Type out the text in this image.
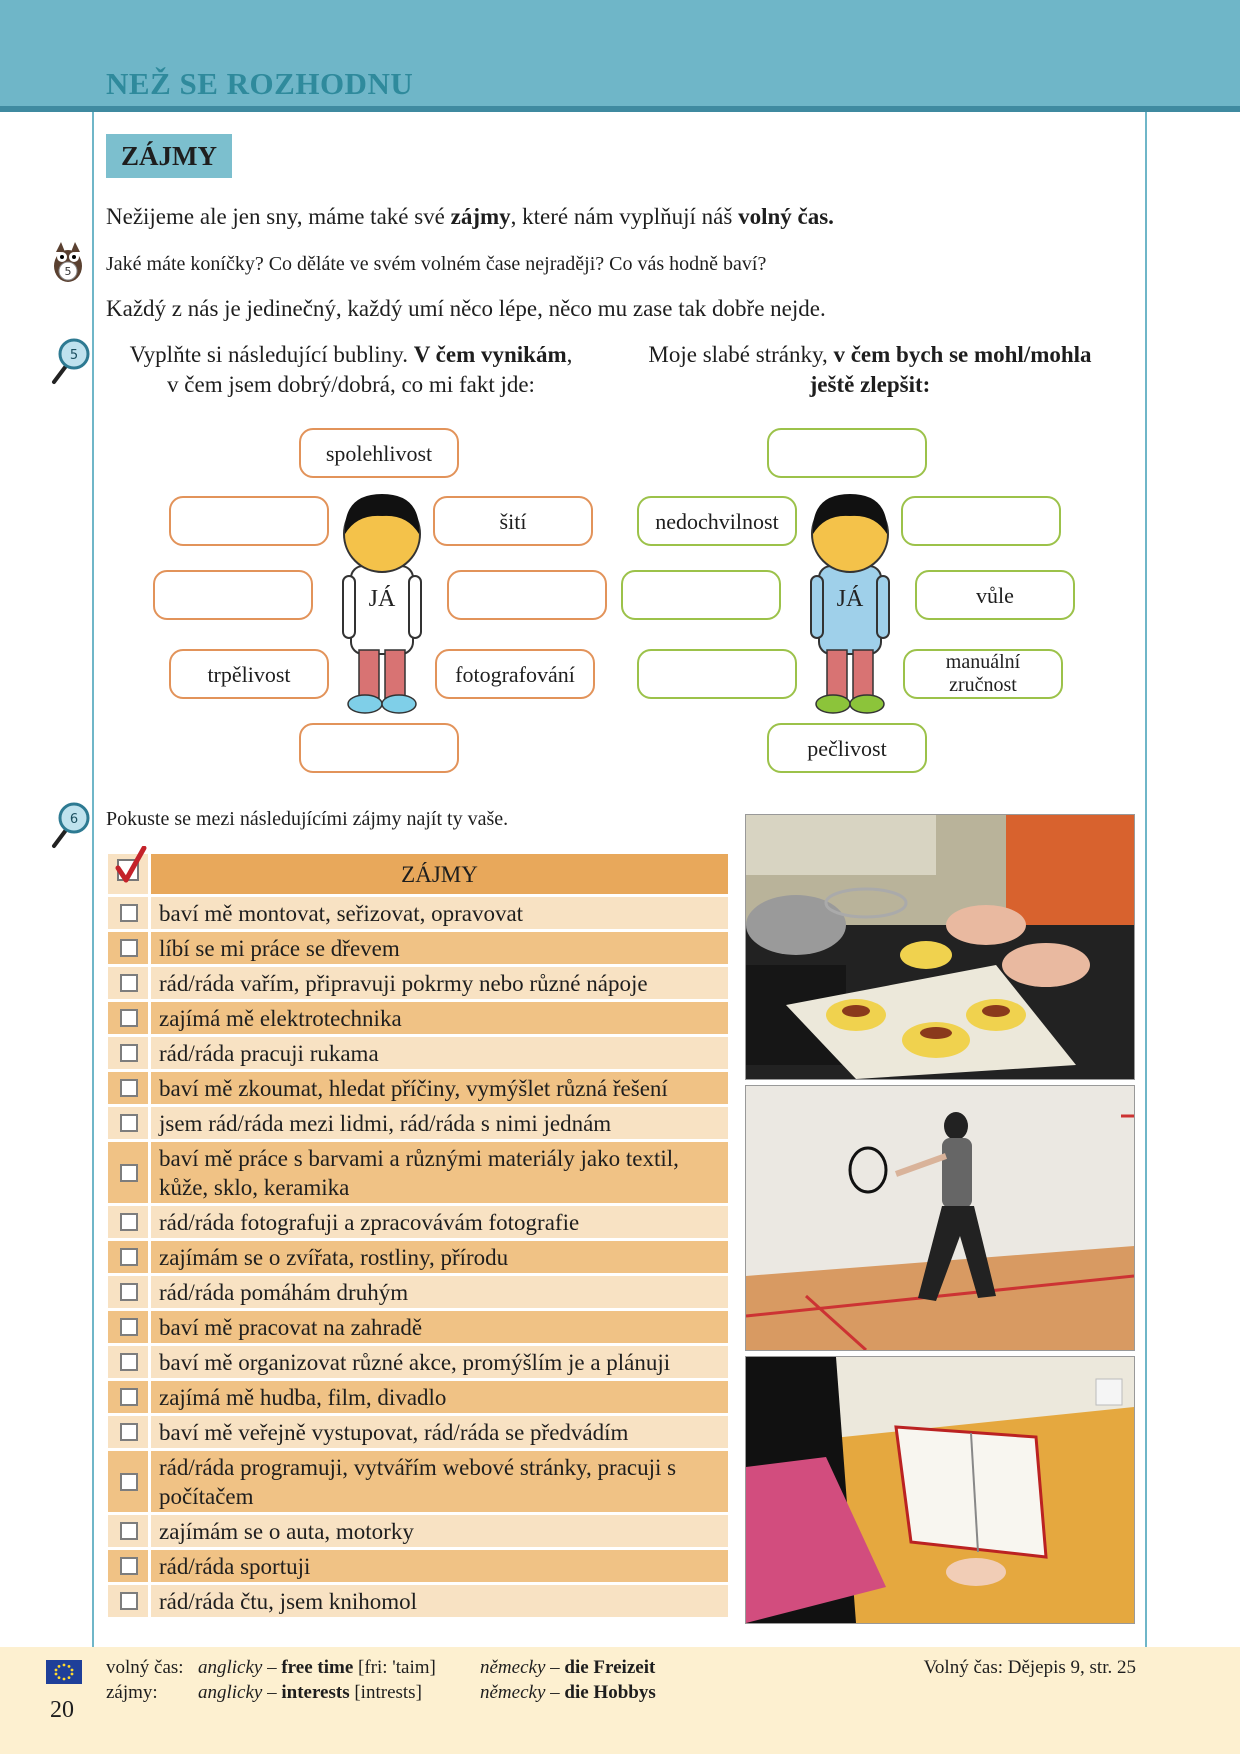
NEŽ SE ROZHODNU
ZÁJMY
Nežijeme ale jen sny, máme také své zájmy, které nám vyplňují náš volný čas.
5 Jaké máte koníčky? Co děláte ve svém volném čase nejraději? Co vás hodně baví?
Každý z nás je jedinečný, každý umí něco lépe, něco mu zase tak dobře nejde.
5	Vyplňte si následující bubliny. V čem vynikám,
v čem jsem dobrý/dobrá, co mi fakt jde:
Moje slabé stránky, v čem bych se mohl/mohla
ještě zlepšit:
spolehlivost
šití
trpělivost	fotografování
JÁ
nedochvilnost
vůle
manuální zručnost
pečlivost
JÁ
6 Pokuste se mezi následujícími zájmy najít ty vaše.
ZÁJMY
baví mě montovat, seřizovat, opravovat
líbí se mi práce se dřevem
rád/ráda vařím, připravuji pokrmy nebo různé nápoje
zajímá mě elektrotechnika
rád/ráda pracuji rukama
baví mě zkoumat, hledat příčiny, vymýšlet různá řešení
jsem rád/ráda mezi lidmi, rád/ráda s nimi jednám
baví mě práce s barvami a různými materiály jako textil, kůže, sklo, keramika
rád/ráda fotografuji a zpracovávám fotografie
zajímám se o zvířata, rostliny, přírodu
rád/ráda pomáhám druhým
baví mě pracovat na zahradě
baví mě organizovat různé akce, promýšlím je a plánuji
zajímá mě hudba, film, divadlo
baví mě veřejně vystupovat, rád/ráda se předvádím
rád/ráda programuji, vytvářím webové stránky, pracuji s počítačem
zajímám se o auta, motorky
rád/ráda sportuji
rád/ráda čtu, jsem knihomol
20
volný čas: anglicky – free time [fri: 'taim] německy – die Freizeit
zájmy: anglicky – interests [intrests]	německy – die Hobbys
Volný čas: Dějepis 9, str. 25
